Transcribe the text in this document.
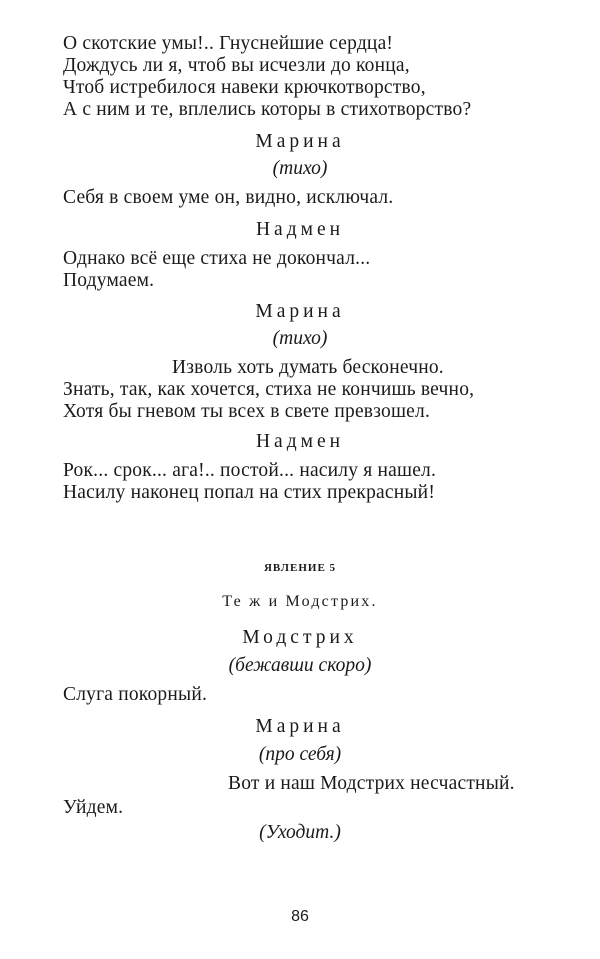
О скотские умы!.. Гнуснейшие сердца!
Дождусь ли я, чтоб вы исчезли до конца,
Чтоб истребилося навеки крючкотворство,
А с ним и те, вплелись которы в стихотворство?
Марина
(тихо)
Себя в своем уме он, видно, исключал.
Надмен
Однако всё еще стиха не докончал...
Подумаем.
Марина
(тихо)
Изволь хоть думать бесконечно.
Знать, так, как хочется, стиха не кончишь вечно,
Хотя бы гневом ты всех в свете превзошел.
Надмен
Рок... срок... ага!.. постой... насилу я нашел.
Насилу наконец попал на стих прекрасный!
ЯВЛЕНИЕ 5
Те ж и Модстрих.
Модстрих
(бежавши скоро)
Слуга покорный.
Марина
(про себя)
Вот и наш Модстрих несчастный.
Уйдем.
(Уходит.)
86
